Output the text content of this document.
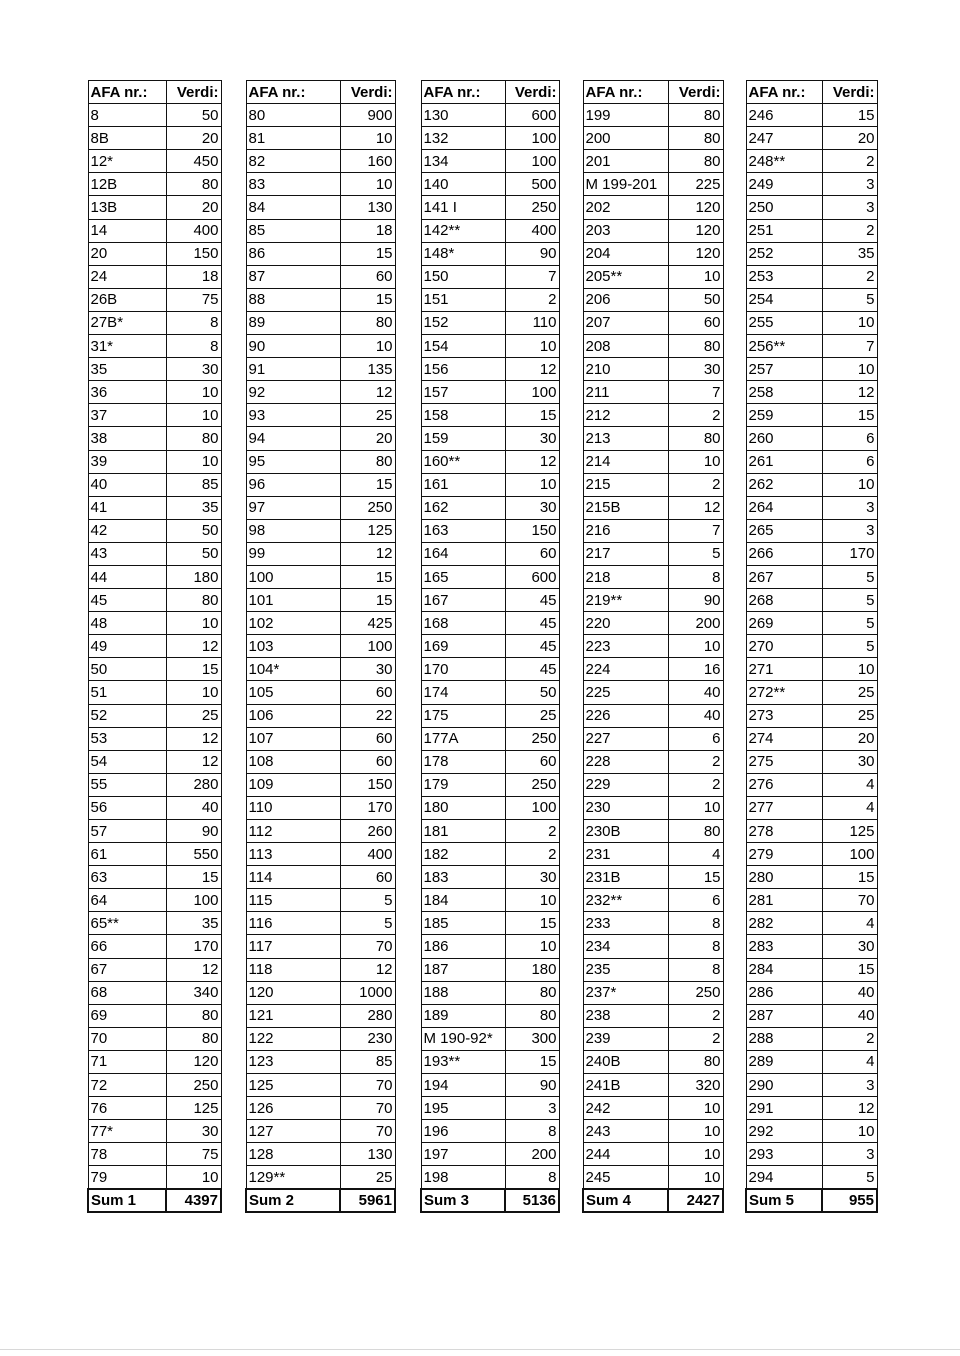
AFA nr.:	Verdi:
8	50
8B	20
12*	450
12B	80
13B	20
14	400
20	150
24	18
26B	75
27B*	8
31*	8
35	30
36	10
37	10
38	80
39	10
40	85
41	35
42	50
43	50
44	180
45	80
48	10
49	12
50	15
51	10
52	25
53	12
54	12
55	280
56	40
57	90
61	550
63	15
64	100
65**	35
66	170
67	12
68	340
69	80
70	80
71	120
72	250
76	125
77*	30
78	75
79	10
Sum 1	4397
AFA nr.:	Verdi:
80	900
81	10
82	160
83	10
84	130
85	18
86	15
87	60
88	15
89	80
90	10
91	135
92	12
93	25
94	20
95	80
96	15
97	250
98	125
99	12
100	15
101	15
102	425
103	100
104*	30
105	60
106	22
107	60
108	60
109	150
110	170
112	260
113	400
114	60
115	5
116	5
117	70
118	12
120	1000
121	280
122	230
123	85
125	70
126	70
127	70
128	130
129**	25
Sum 2	5961
AFA nr.:	Verdi:
130	600
132	100
134	100
140	500
141 I	250
142**	400
148*	90
150	7
151	2
152	110
154	10
156	12
157	100
158	15
159	30
160**	12
161	10
162	30
163	150
164	60
165	600
167	45
168	45
169	45
170	45
174	50
175	25
177A	250
178	60
179	250
180	100
181	2
182	2
183	30
184	10
185	15
186	10
187	180
188	80
189	80
M 190-92*	300
193**	15
194	90
195	3
196	8
197	200
198	8
Sum 3	5136
AFA nr.:	Verdi:
199	80
200	80
201	80
M 199-201	225
202	120
203	120
204	120
205**	10
206	50
207	60
208	80
210	30
211	7
212	2
213	80
214	10
215	2
215B	12
216	7
217	5
218	8
219**	90
220	200
223	10
224	16
225	40
226	40
227	6
228	2
229	2
230	10
230B	80
231	4
231B	15
232**	6
233	8
234	8
235	8
237*	250
238	2
239	2
240B	80
241B	320
242	10
243	10
244	10
245	10
Sum 4	2427
AFA nr.:	Verdi:
246	15
247	20
248**	2
249	3
250	3
251	2
252	35
253	2
254	5
255	10
256**	7
257	10
258	12
259	15
260	6
261	6
262	10
264	3
265	3
266	170
267	5
268	5
269	5
270	5
271	10
272**	25
273	25
274	20
275	30
276	4
277	4
278	125
279	100
280	15
281	70
282	4
283	30
284	15
286	40
287	40
288	2
289	4
290	3
291	12
292	10
293	3
294	5
Sum 5	955
